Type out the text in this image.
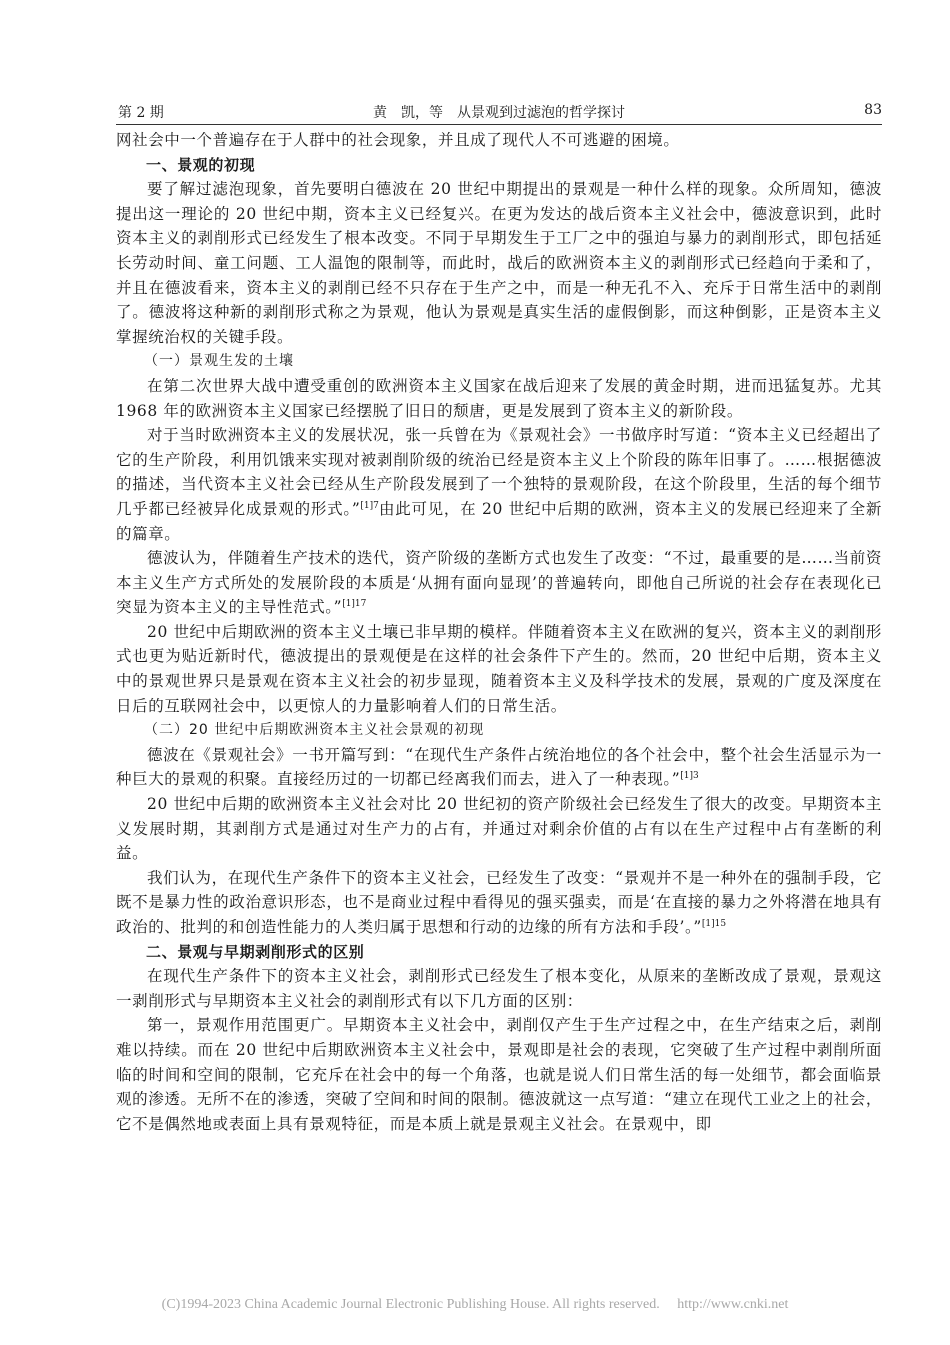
第 2 期	黄　凯，等　从景观到过滤泡的哲学探讨	83

网社会中一个普遍存在于人群中的社会现象，并且成了现代人不可逃避的困境。

一、景观的初现

要了解过滤泡现象，首先要明白德波在 20 世纪中期提出的景观是一种什么样的现象。众所周知，德波提出这一理论的 20 世纪中期，资本主义已经复兴。在更为发达的战后资本主义社会中，德波意识到，此时资本主义的剥削形式已经发生了根本改变。不同于早期发生于工厂之中的强迫与暴力的剥削形式，即包括延长劳动时间、童工问题、工人温饱的限制等，而此时，战后的欧洲资本主义的剥削形式已经趋向于柔和了，并且在德波看来，资本主义的剥削已经不只存在于生产之中，而是一种无孔不入、充斥于日常生活中的剥削了。德波将这种新的剥削形式称之为景观，他认为景观是真实生活的虚假倒影，而这种倒影，正是资本主义掌握统治权的关键手段。

（一）景观生发的土壤

在第二次世界大战中遭受重创的欧洲资本主义国家在战后迎来了发展的黄金时期，进而迅猛复苏。尤其 1968 年的欧洲资本主义国家已经摆脱了旧日的颓唐，更是发展到了资本主义的新阶段。

对于当时欧洲资本主义的发展状况，张一兵曾在为《景观社会》一书做序时写道：“资本主义已经超出了它的生产阶段，利用饥饿来实现对被剥削阶级的统治已经是资本主义上个阶段的陈年旧事了。……根据德波的描述，当代资本主义社会已经从生产阶段发展到了一个独特的景观阶段，在这个阶段里，生活的每个细节几乎都已经被异化成景观的形式。”$^{[1]7}$由此可见，在 20 世纪中后期的欧洲，资本主义的发展已经迎来了全新的篇章。

德波认为，伴随着生产技术的迭代，资产阶级的垄断方式也发生了改变：“不过，最重要的是……当前资本主义生产方式所处的发展阶段的本质是‘从拥有面向显现’的普遍转向，即他自己所说的社会存在表现化已突显为资本主义的主导性范式。”$^{[1]17}$

20 世纪中后期欧洲的资本主义土壤已非早期的模样。伴随着资本主义在欧洲的复兴，资本主义的剥削形式也更为贴近新时代，德波提出的景观便是在这样的社会条件下产生的。然而，20 世纪中后期，资本主义中的景观世界只是景观在资本主义社会的初步显现，随着资本主义及科学技术的发展，景观的广度及深度在日后的互联网社会中，以更惊人的力量影响着人们的日常生活。

（二）20 世纪中后期欧洲资本主义社会景观的初现

德波在《景观社会》一书开篇写到：“在现代生产条件占统治地位的各个社会中，整个社会生活显示为一种巨大的景观的积聚。直接经历过的一切都已经离我们而去，进入了一种表现。”$^{[1]3}$

20 世纪中后期的欧洲资本主义社会对比 20 世纪初的资产阶级社会已经发生了很大的改变。早期资本主义发展时期，其剥削方式是通过对生产力的占有，并通过对剩余价值的占有以在生产过程中占有垄断的利益。

我们认为，在现代生产条件下的资本主义社会，已经发生了改变：“景观并不是一种外在的强制手段，它既不是暴力性的政治意识形态，也不是商业过程中看得见的强买强卖，而是‘在直接的暴力之外将潜在地具有政治的、批判的和创造性能力的人类归属于思想和行动的边缘的所有方法和手段’。”$^{[1]15}$

二、景观与早期剥削形式的区别

在现代生产条件下的资本主义社会，剥削形式已经发生了根本变化，从原来的垄断改成了景观，景观这一剥削形式与早期资本主义社会的剥削形式有以下几方面的区别：

第一，景观作用范围更广。早期资本主义社会中，剥削仅产生于生产过程之中，在生产结束之后，剥削难以持续。而在 20 世纪中后期欧洲资本主义社会中，景观即是社会的表现，它突破了生产过程中剥削所面临的时间和空间的限制，它充斥在社会中的每一个角落，也就是说人们日常生活的每一处细节，都会面临景观的渗透。无所不在的渗透，突破了空间和时间的限制。德波就这一点写道：“建立在现代工业之上的社会，它不是偶然地或表面上具有景观特征，而是本质上就是景观主义社会。在景观中，即

(C)1994-2023 China Academic Journal Electronic Publishing House. All rights reserved. http://www.cnki.net
